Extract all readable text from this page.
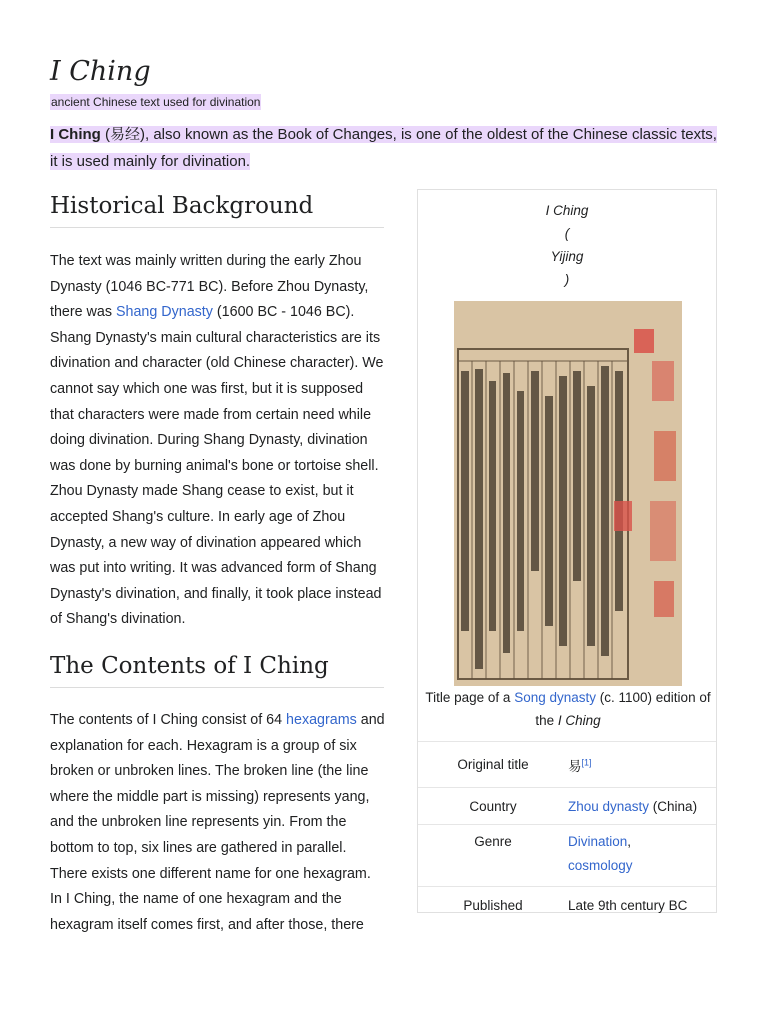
I Ching
ancient Chinese text used for divination
I Ching (易经), also known as the Book of Changes, is one of the oldest of the Chinese classic texts,
it is used mainly for divination.
Historical Background

The text was mainly written during the early Zhou Dynasty (1046 BC-771 BC). Before Zhou Dynasty, there was Shang Dynasty (1600 BC - 1046 BC). Shang Dynasty's main cultural characteristics are its divination and character (old Chinese character). We cannot say which one was first, but it is supposed that characters were made from certain need while doing divination. During Shang Dynasty, divination was done by burning animal's bone or tortoise shell. Zhou Dynasty made Shang cease to exist, but it accepted Shang's culture. In early age of Zhou Dynasty, a new way of divination appeared which was put into writing. It was advanced form of Shang Dynasty's divination, and finally, it took place instead of Shang's divination.

The Contents of I Ching

The contents of I Ching consist of 64 hexagrams and explanation for each. Hexagram is a group of six broken or unbroken lines. The broken line (the line where the middle part is missing) represents yang, and the unbroken line represents yin. From the bottom to top, six lines are gathered in parallel. There exists one different name for one hexagram. In I Ching, the name of one hexagram and the hexagram itself comes first, and after those, there

I Ching
(
Yijing
)
Title page of a Song dynasty (c. 1100) edition of the I Ching
Original title	易[1]
Country	Zhou dynasty (China)
Genre	Divination,
cosmology
Published	Late 9th century BC
